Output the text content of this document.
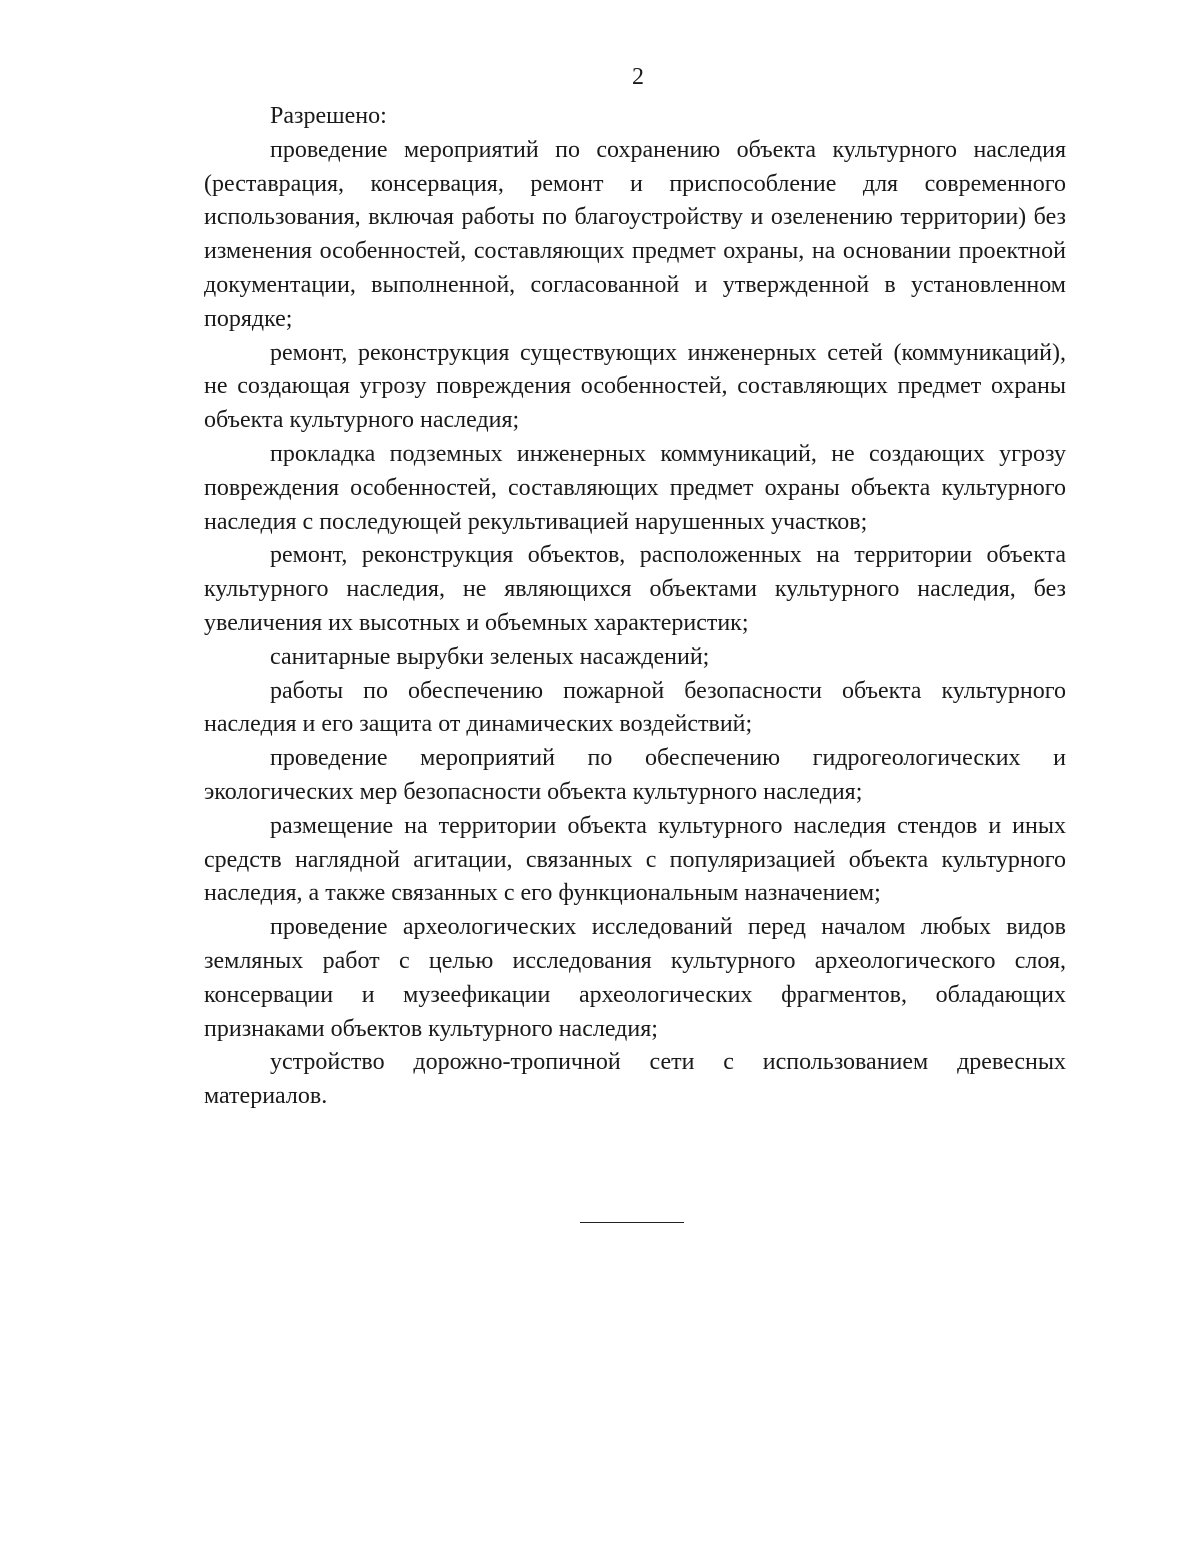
2

Разрешено:

проведение мероприятий по сохранению объекта культурного наследия (реставрация, консервация, ремонт и приспособление для современного использования, включая работы по благоустройству и озеленению территории) без изменения особенностей, составляющих предмет охраны, на основании проектной документации, выполненной, согласованной и утвержденной в установленном порядке;

ремонт, реконструкция существующих инженерных сетей (коммуникаций), не создающая угрозу повреждения особенностей, составляющих предмет охраны объекта культурного наследия;

прокладка подземных инженерных коммуникаций, не создающих угрозу повреждения особенностей, составляющих предмет охраны объекта культурного наследия с последующей рекультивацией нарушенных участков;

ремонт, реконструкция объектов, расположенных на территории объекта культурного наследия, не являющихся объектами культурного наследия, без увеличения их высотных и объемных характеристик;

санитарные вырубки зеленых насаждений;

работы по обеспечению пожарной безопасности объекта культурного наследия и его защита от динамических воздействий;

проведение мероприятий по обеспечению гидрогеологических и экологических мер безопасности объекта культурного наследия;

размещение на территории объекта культурного наследия стендов и иных средств наглядной агитации, связанных с популяризацией объекта культурного наследия, а также связанных с его функциональным назначением;

проведение археологических исследований перед началом любых видов земляных работ с целью исследования культурного археологического слоя, консервации и музеефикации археологических фрагментов, обладающих признаками объектов культурного наследия;

устройство дорожно-тропичной сети с использованием древесных материалов.
